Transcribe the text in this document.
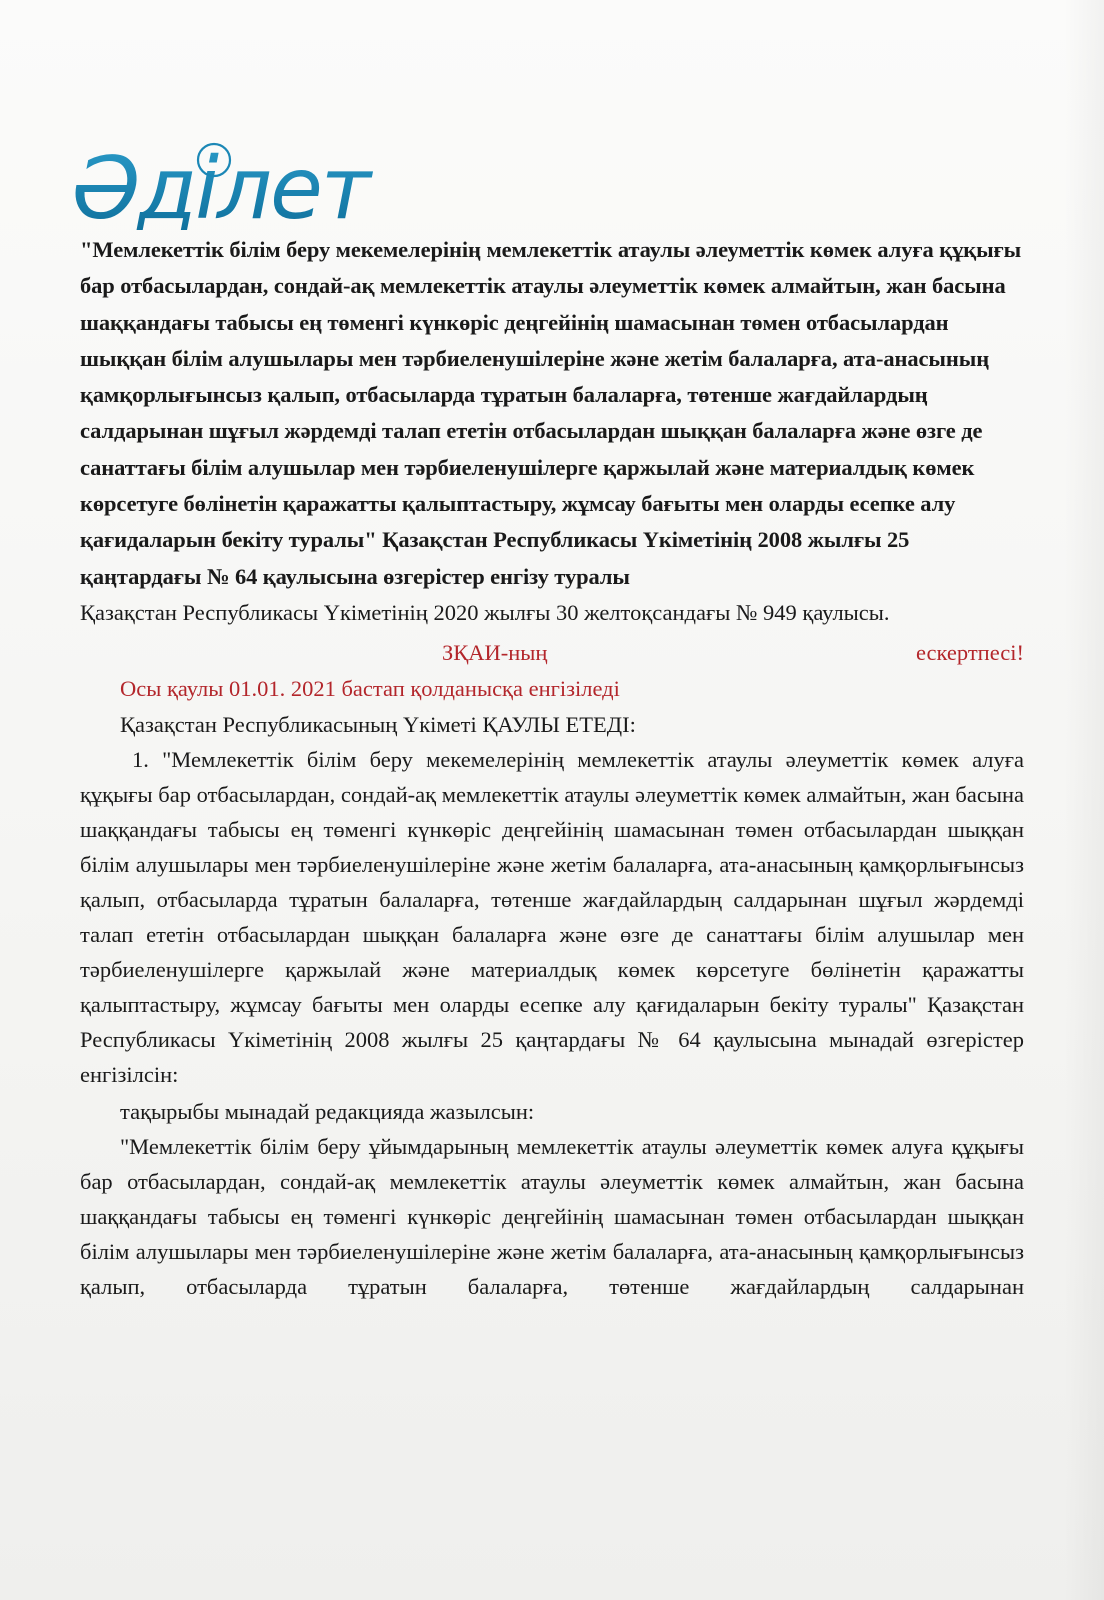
Әділет

"Мемлекеттік білім беру мекемелерінің мемлекеттік атаулы әлеуметтік көмек алуға құқығы бар отбасылардан, сондай-ақ мемлекеттік атаулы әлеуметтік көмек алмайтын, жан басына шаққандағы табысы ең төменгі күнкөріс деңгейінің шамасынан төмен отбасылардан шыққан білім алушылары мен тәрбиеленушілеріне және жетім балаларға, ата-анасының қамқорлығынсыз қалып, отбасыларда тұратын балаларға, төтенше жағдайлардың салдарынан шұғыл жәрдемді талап ететін отбасылардан шыққан балаларға және өзге де санаттағы білім алушылар мен тәрбиеленушілерге қаржылай және материалдық көмек көрсетуге бөлінетін қаражатты қалыптастыру, жұмсау бағыты мен оларды есепке алу қағидаларын бекіту туралы" Қазақстан Республикасы Үкіметінің 2008 жылғы 25 қаңтардағы № 64 қаулысына өзгерістер енгізу туралы

Қазақстан Республикасы Үкіметінің 2020 жылғы 30 желтоқсандағы № 949 қаулысы.

ЗҚАИ-ның	ескертпесі!

Осы қаулы 01.01. 2021 бастап қолданысқа енгізіледі

Қазақстан Республикасының Үкіметі ҚАУЛЫ ЕТЕДІ:

1. "Мемлекеттік білім беру мекемелерінің мемлекеттік атаулы әлеуметтік көмек алуға құқығы бар отбасылардан, сондай-ақ мемлекеттік атаулы әлеуметтік көмек алмайтын, жан басына шаққандағы табысы ең төменгі күнкөріс деңгейінің шамасынан төмен отбасылардан шыққан білім алушылары мен тәрбиеленушілеріне және жетім балаларға, ата-анасының қамқорлығынсыз қалып, отбасыларда тұратын балаларға, төтенше жағдайлардың салдарынан шұғыл жәрдемді талап ететін отбасылардан шыққан балаларға және өзге де санаттағы білім алушылар мен тәрбиеленушілерге қаржылай және материалдық көмек көрсетуге бөлінетін қаражатты қалыптастыру, жұмсау бағыты мен оларды есепке алу қағидаларын бекіту туралы" Қазақстан Республикасы Үкіметінің 2008 жылғы 25 қаңтардағы № 64 қаулысына мынадай өзгерістер енгізілсін:

тақырыбы мынадай редакцияда жазылсын:

"Мемлекеттік білім беру ұйымдарының мемлекеттік атаулы әлеуметтік көмек алуға құқығы бар отбасылардан, сондай-ақ мемлекеттік атаулы әлеуметтік көмек алмайтын, жан басына шаққандағы табысы ең төменгі күнкөріс деңгейінің шамасынан төмен отбасылардан шыққан білім алушылары мен тәрбиеленушілеріне және жетім балаларға, ата-анасының қамқорлығынсыз қалып, отбасыларда тұратын балаларға, төтенше жағдайлардың салдарынан
